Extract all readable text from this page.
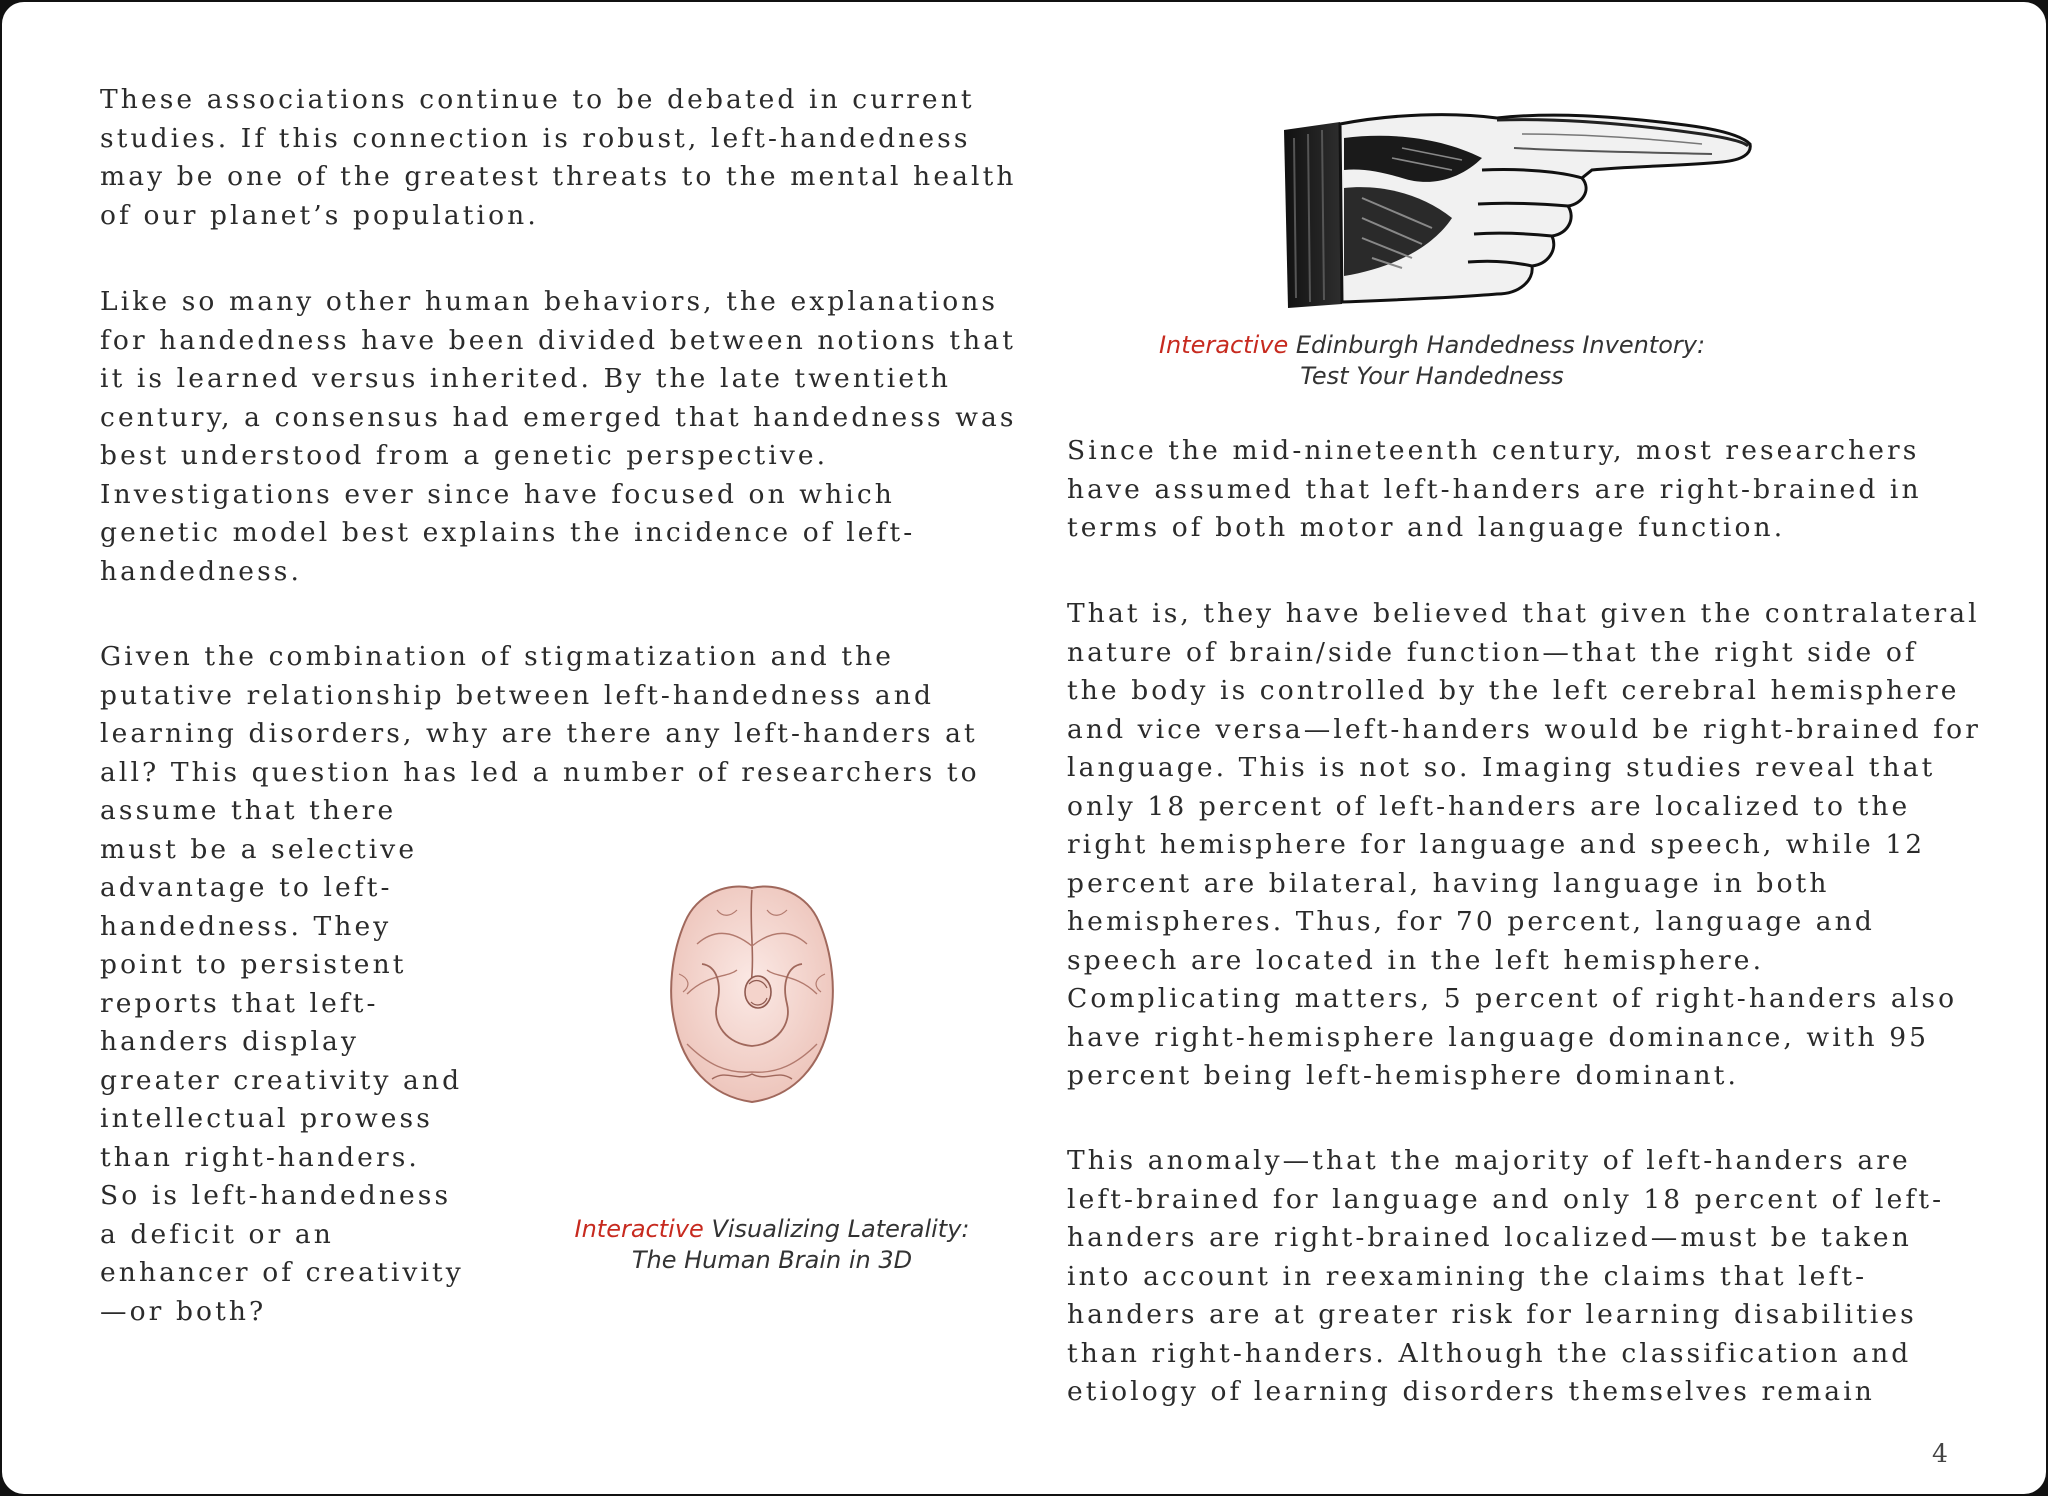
These associations continue to be debated in current
studies. If this connection is robust, left-handedness
may be one of the greatest threats to the mental health
of our planet’s population.

Like so many other human behaviors, the explanations
for handedness have been divided between notions that
it is learned versus inherited. By the late twentieth
century, a consensus had emerged that handedness was
best understood from a genetic perspective.
Investigations ever since have focused on which
genetic model best explains the incidence of left-
handedness.

Given the combination of stigmatization and the
putative relationship between left-handedness and
learning disorders, why are there any left-handers at
all? This question has led a number of researchers to

assume that there
must be a selective
advantage to left-
handedness. They
point to persistent
reports that left-
handers display
greater creativity and
intellectual prowess
than right-handers.
So is left-handedness
a deficit or an
enhancer of creativity
—or both?

Interactive Visualizing Laterality:
The Human Brain in 3D

Interactive Edinburgh Handedness Inventory:
Test Your Handedness

Since the mid-nineteenth century, most researchers
have assumed that left-handers are right-brained in
terms of both motor and language function.

That is, they have believed that given the contralateral
nature of brain/side function—that the right side of
the body is controlled by the left cerebral hemisphere
and vice versa—left-handers would be right-brained for
language. This is not so. Imaging studies reveal that
only 18 percent of left-handers are localized to the
right hemisphere for language and speech, while 12
percent are bilateral, having language in both
hemispheres. Thus, for 70 percent, language and
speech are located in the left hemisphere.
Complicating matters, 5 percent of right-handers also
have right-hemisphere language dominance, with 95
percent being left-hemisphere dominant.

This anomaly—that the majority of left-handers are
left-brained for language and only 18 percent of left-
handers are right-brained localized—must be taken
into account in reexamining the claims that left-
handers are at greater risk for learning disabilities
than right-handers. Although the classification and
etiology of learning disorders themselves remain

4
